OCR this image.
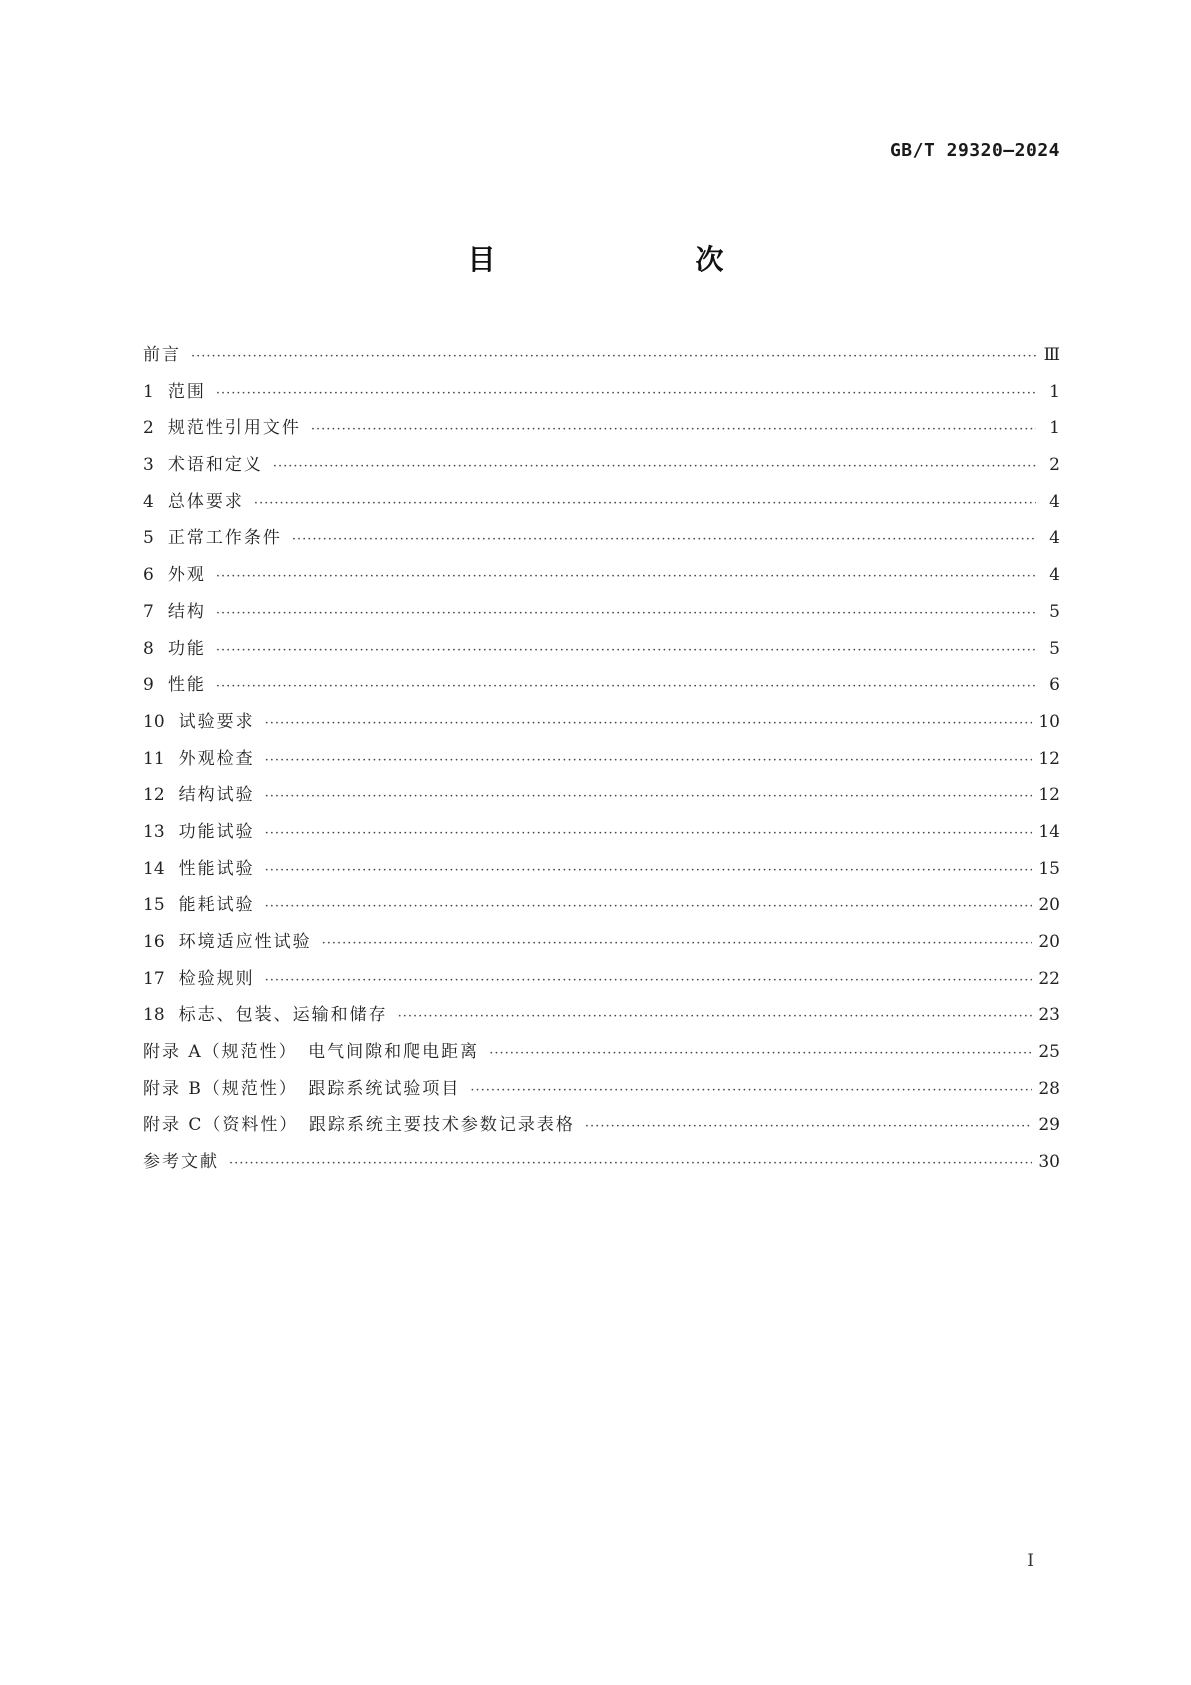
GB/T 29320—2024
目　　次
前言 ·····	Ⅲ
1 范围 ·····	1
2 规范性引用文件 ·····	1
3 术语和定义 ·····	2
4 总体要求 ·····	4
5 正常工作条件 ·····	4
6 外观 ·····	4
7 结构 ·····	5
8 功能 ·····	5
9 性能 ·····	6
10 试验要求 ·····	10
11 外观检查 ·····	12
12 结构试验 ·····	12
13 功能试验 ·····	14
14 性能试验 ·····	15
15 能耗试验 ·····	20
16 环境适应性试验 ·····	20
17 检验规则 ·····	22
18 标志、包装、运输和储存 ·····	23
附录 A（规范性）　电气间隙和爬电距离 ·····	25
附录 B（规范性）　跟踪系统试验项目 ·····	28
附录 C（资料性）　跟踪系统主要技术参数记录表格 ·····	29
参考文献 ·····	30
Ⅰ
